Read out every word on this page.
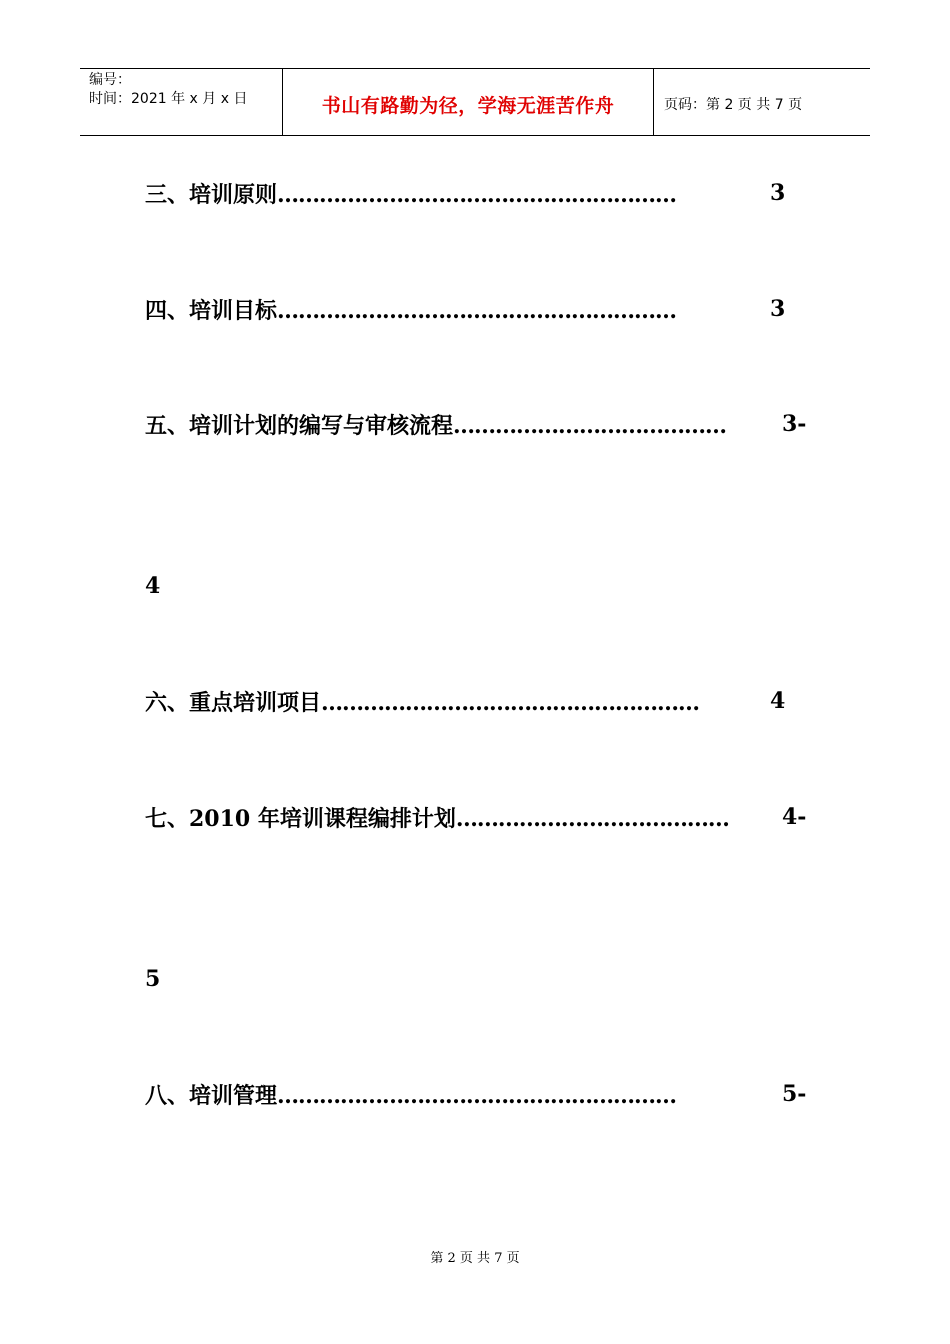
编号：
时间：2021 年 x 月 x 日	书山有路勤为径，学海无涯苦作舟	页码：第 2 页 共 7 页
三、培训原则…………………………………………………	3
四、培训目标…………………………………………………	3
五、培训计划的编写与审核流程…………………………………	3-
4
六、重点培训项目………………………………………………	4
七、2010 年培训课程编排计划………………………………… 4-
5
八、培训管理…………………………………………………	5-
第 2 页 共 7 页
